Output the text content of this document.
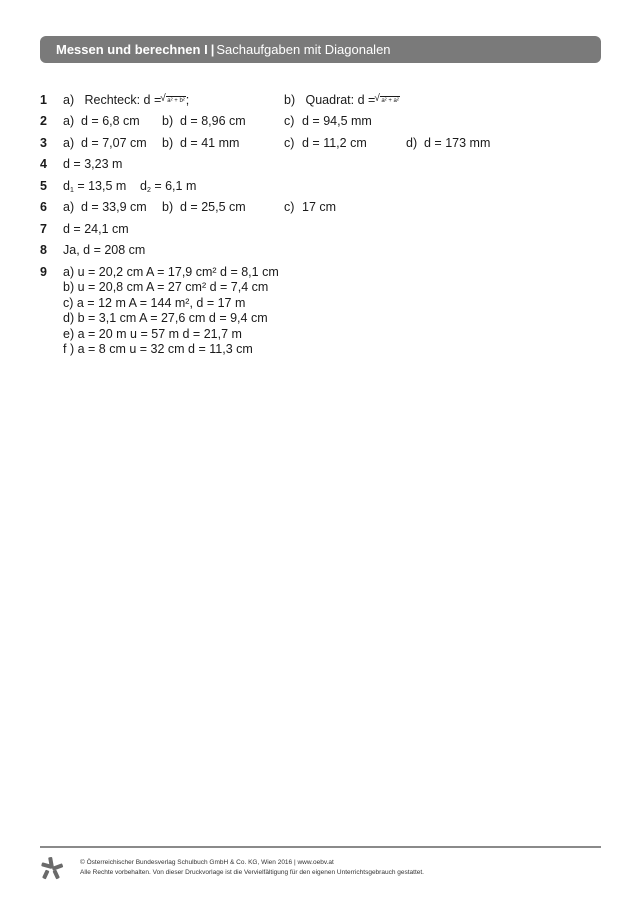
Messen und berechnen I | Sachaufgaben mit Diagonalen
1 a) Rechteck: d = √ a² + b²;	b) Quadrat: d = √ a² + a²
2 a) d = 6,8 cm b) d = 8,96 cm	c) d = 94,5 mm
3 a) d = 7,07 cm b) d = 41 mm	c) d = 11,2 cm	d) d = 173 mm
4 d = 3,23 m
5 $d_1 = 13,5$ m $d_2 = 6,1$ m
6 a) d = 33,9 cm b) d = 25,5 cm	c) 17 cm
7 d = 24,1 cm
8 Ja, d = 208 cm
9 a) u = 20,2 cm A = 17,9 cm² d = 8,1 cm
b) u = 20,8 cm A = 27 cm² d = 7,4 cm
c) a = 12 m A = 144 m², d = 17 m
d) b = 3,1 cm A = 27,6 cm d = 9,4 cm
e) a = 20 m u = 57 m d = 21,7 m
f ) a = 8 cm u = 32 cm d = 11,3 cm
© Österreichischer Bundesverlag Schulbuch GmbH & Co. KG, Wien 2016 | www.oebv.at
Alle Rechte vorbehalten. Von dieser Druckvorlage ist die Vervielfältigung für den eigenen Unterrichtsgebrauch gestattet.
